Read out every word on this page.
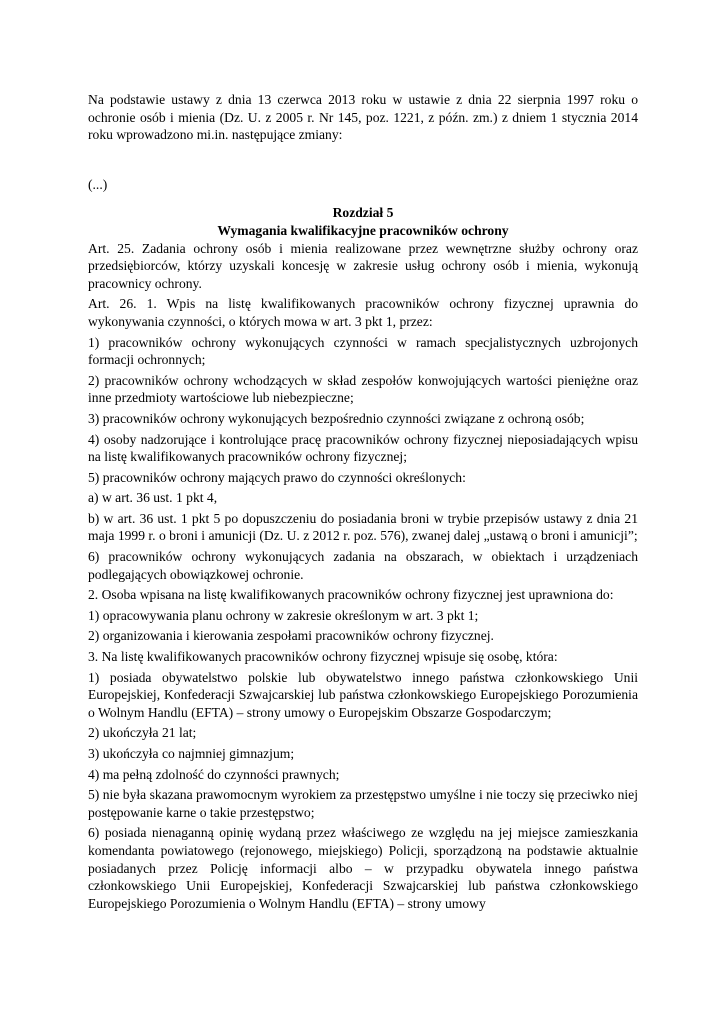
Na podstawie ustawy z dnia 13 czerwca 2013 roku w ustawie z dnia 22 sierpnia 1997 roku o ochronie osób i mienia (Dz. U. z 2005 r. Nr 145, poz. 1221, z późn. zm.) z dniem 1 stycznia 2014 roku wprowadzono mi.in. następujące zmiany:

(...)

Rozdział 5

Wymagania kwalifikacyjne pracowników ochrony

Art. 25. Zadania ochrony osób i mienia realizowane przez wewnętrzne służby ochrony oraz przedsiębiorców, którzy uzyskali koncesję w zakresie usług ochrony osób i mienia, wykonują pracownicy ochrony.

Art. 26. 1. Wpis na listę kwalifikowanych pracowników ochrony fizycznej uprawnia do wykonywania czynności, o których mowa w art. 3 pkt 1, przez:

1) pracowników ochrony wykonujących czynności w ramach specjalistycznych uzbrojonych formacji ochronnych;

2) pracowników ochrony wchodzących w skład zespołów konwojujących wartości pieniężne oraz inne przedmioty wartościowe lub niebezpieczne;

3) pracowników ochrony wykonujących bezpośrednio czynności związane z ochroną osób;

4) osoby nadzorujące i kontrolujące pracę pracowników ochrony fizycznej nieposiadających wpisu na listę kwalifikowanych pracowników ochrony fizycznej;

5) pracowników ochrony mających prawo do czynności określonych:

a) w art. 36 ust. 1 pkt 4,

b) w art. 36 ust. 1 pkt 5 po dopuszczeniu do posiadania broni w trybie przepisów ustawy z dnia 21 maja 1999 r. o broni i amunicji (Dz. U. z 2012 r. poz. 576), zwanej dalej „ustawą o broni i amunicji”;

6) pracowników ochrony wykonujących zadania na obszarach, w obiektach i urządzeniach podlegających obowiązkowej ochronie.

2. Osoba wpisana na listę kwalifikowanych pracowników ochrony fizycznej jest uprawniona do:

1) opracowywania planu ochrony w zakresie określonym w art. 3 pkt 1;

2) organizowania i kierowania zespołami pracowników ochrony fizycznej.

3. Na listę kwalifikowanych pracowników ochrony fizycznej wpisuje się osobę, która:

1) posiada obywatelstwo polskie lub obywatelstwo innego państwa członkowskiego Unii Europejskiej, Konfederacji Szwajcarskiej lub państwa członkowskiego Europejskiego Porozumienia o Wolnym Handlu (EFTA) – strony umowy o Europejskim Obszarze Gospodarczym;

2) ukończyła 21 lat;

3) ukończyła co najmniej gimnazjum;

4) ma pełną zdolność do czynności prawnych;

5) nie była skazana prawomocnym wyrokiem za przestępstwo umyślne i nie toczy się przeciwko niej postępowanie karne o takie przestępstwo;

6) posiada nienaganną opinię wydaną przez właściwego ze względu na jej miejsce zamieszkania komendanta powiatowego (rejonowego, miejskiego) Policji, sporządzoną na podstawie aktualnie posiadanych przez Policję informacji albo – w przypadku obywatela innego państwa członkowskiego Unii Europejskiej, Konfederacji Szwajcarskiej lub państwa członkowskiego Europejskiego Porozumienia o Wolnym Handlu (EFTA) – strony umowy
